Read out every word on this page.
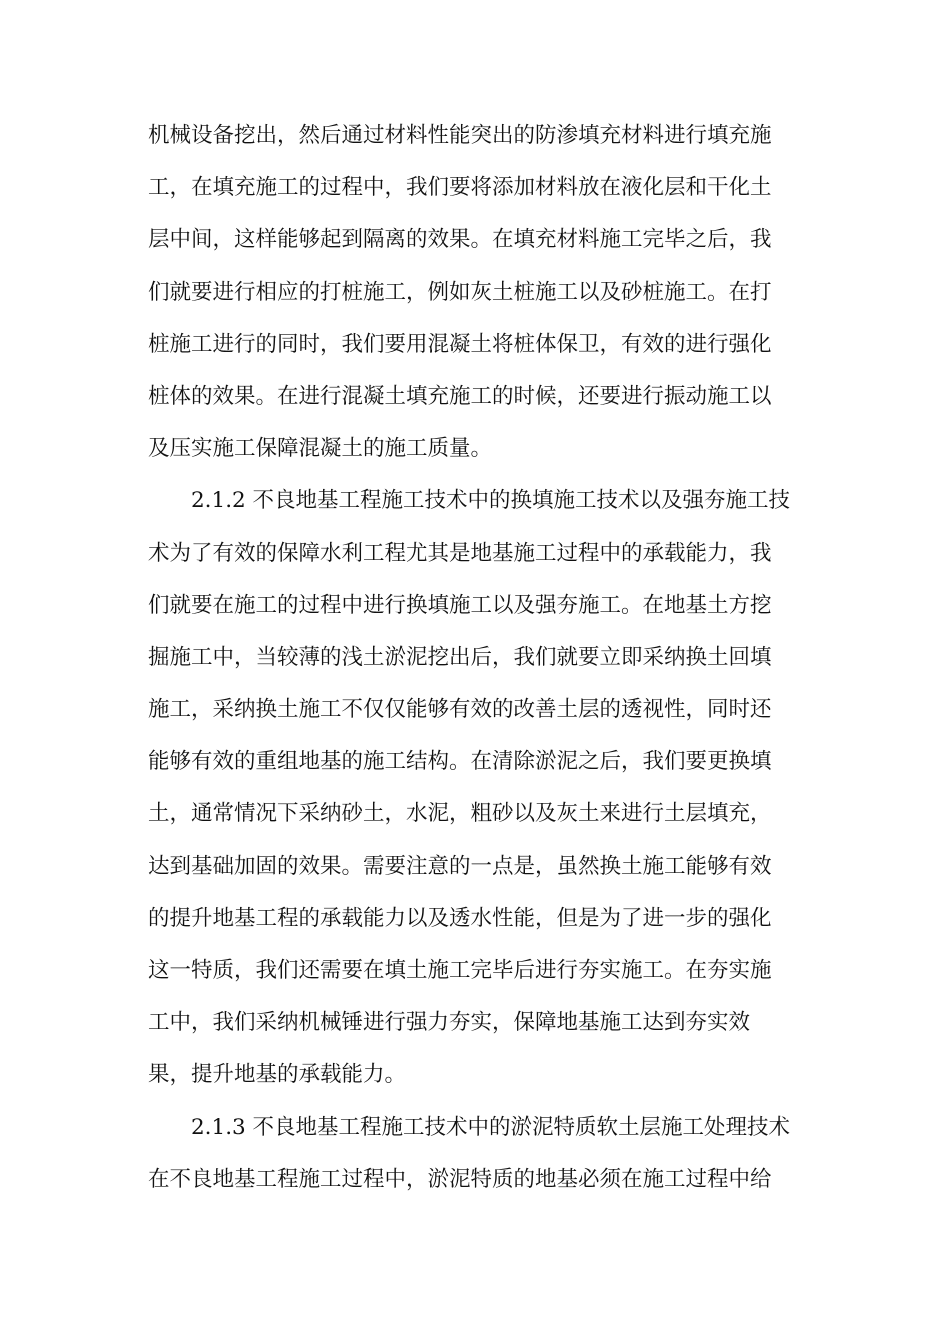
机械设备挖出，然后通过材料性能突出的防渗填充材料进行填充施
工，在填充施工的过程中，我们要将添加材料放在液化层和干化土
层中间，这样能够起到隔离的效果。在填充材料施工完毕之后，我
们就要进行相应的打桩施工，例如灰土桩施工以及砂桩施工。在打
桩施工进行的同时，我们要用混凝土将桩体保卫，有效的进行强化
桩体的效果。在进行混凝土填充施工的时候，还要进行振动施工以
及压实施工保障混凝土的施工质量。
2.1.2 不良地基工程施工技术中的换填施工技术以及强夯施工技
术为了有效的保障水利工程尤其是地基施工过程中的承载能力，我
们就要在施工的过程中进行换填施工以及强夯施工。在地基土方挖
掘施工中，当较薄的浅土淤泥挖出后，我们就要立即采纳换土回填
施工，采纳换土施工不仅仅能够有效的改善土层的透视性，同时还
能够有效的重组地基的施工结构。在清除淤泥之后，我们要更换填
土，通常情况下采纳砂土，水泥，粗砂以及灰土来进行土层填充，
达到基础加固的效果。需要注意的一点是，虽然换土施工能够有效
的提升地基工程的承载能力以及透水性能，但是为了进一步的强化
这一特质，我们还需要在填土施工完毕后进行夯实施工。在夯实施
工中，我们采纳机械锤进行强力夯实，保障地基施工达到夯实效
果，提升地基的承载能力。
2.1.3 不良地基工程施工技术中的淤泥特质软土层施工处理技术
在不良地基工程施工过程中，淤泥特质的地基必须在施工过程中给
